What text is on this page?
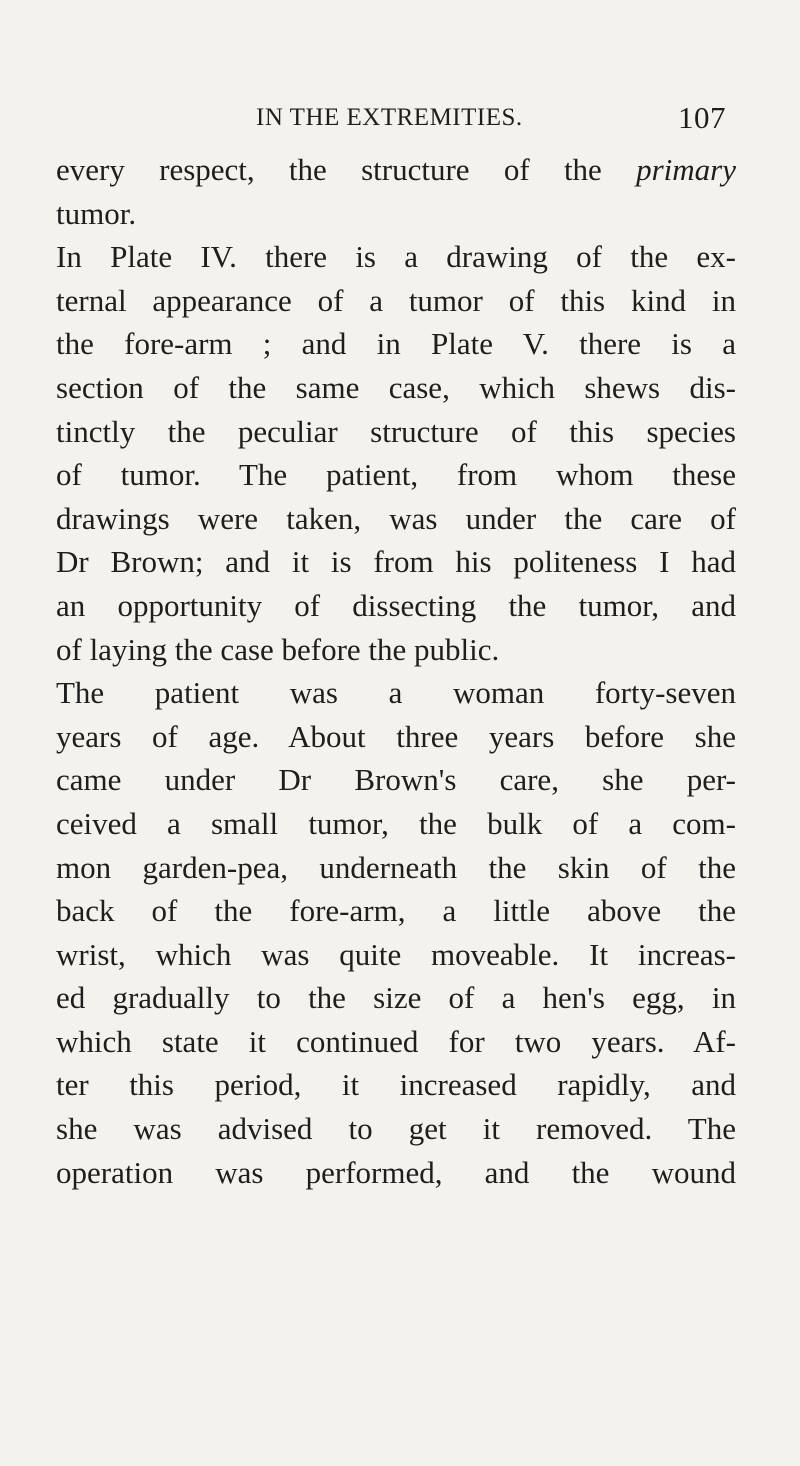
IN THE EXTREMITIES.	107
every respect, the structure of the primary
tumor.
In Plate IV. there is a drawing of the ex-
ternal appearance of a tumor of this kind in
the fore-arm ; and in Plate V. there is a
section of the same case, which shews dis-
tinctly the peculiar structure of this species
of tumor. The patient, from whom these
drawings were taken, was under the care of
Dr Brown; and it is from his politeness I had
an opportunity of dissecting the tumor, and
of laying the case before the public.
The patient was a woman forty-seven
years of age. About three years before she
came under Dr Brown's care, she per-
ceived a small tumor, the bulk of a com-
mon garden-pea, underneath the skin of the
back of the fore-arm, a little above the
wrist, which was quite moveable. It increas-
ed gradually to the size of a hen's egg, in
which state it continued for two years. Af-
ter this period, it increased rapidly, and
she was advised to get it removed. The
operation was performed, and the wound
